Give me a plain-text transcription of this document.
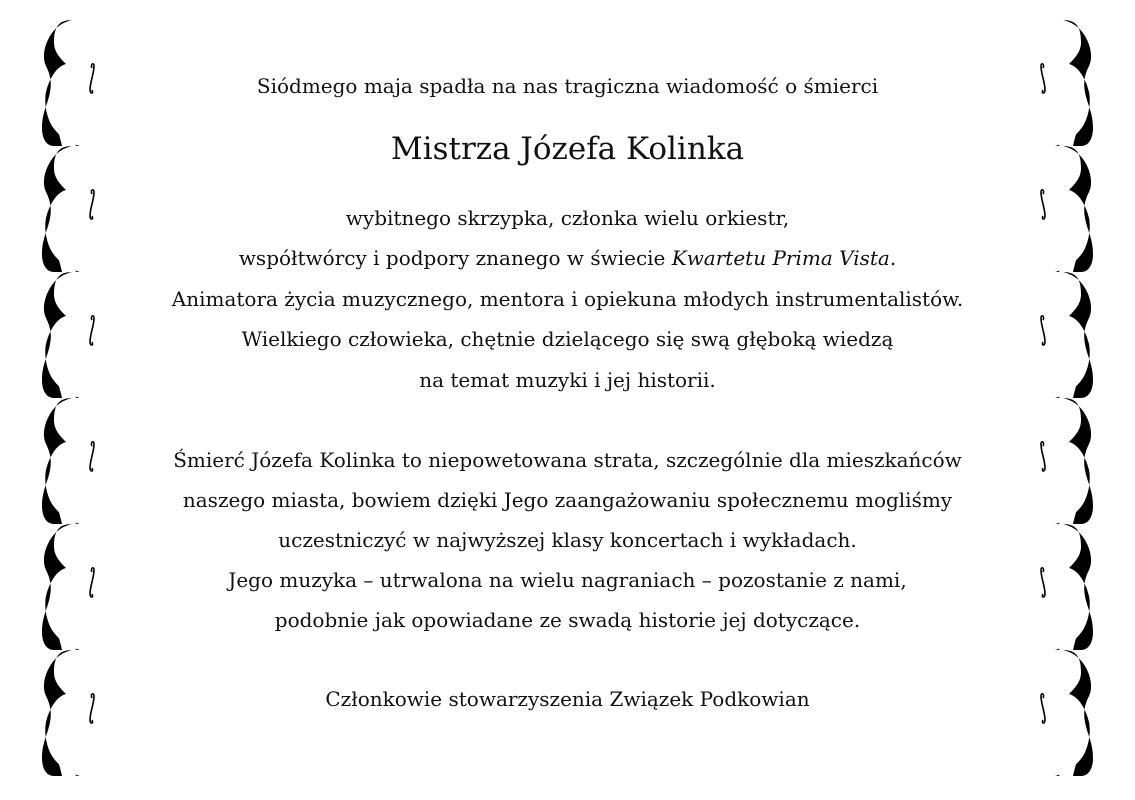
Siódmego maja spadła na nas tragiczna wiadomość o śmierci
Mistrza Józefa Kolinka
wybitnego skrzypka, członka wielu orkiestr,
współtwórcy i podpory znanego w świecie Kwartetu Prima Vista.
Animatora życia muzycznego, mentora i opiekuna młodych instrumentalistów.
Wielkiego człowieka, chętnie dzielącego się swą głęboką wiedzą
na temat muzyki i jej historii.
Śmierć Józefa Kolinka to niepowetowana strata, szczególnie dla mieszkańców
naszego miasta, bowiem dzięki Jego zaangażowaniu społecznemu mogliśmy
uczestniczyć w najwyższej klasy koncertach i wykładach.
Jego muzyka – utrwalona na wielu nagraniach – pozostanie z nami,
podobnie jak opowiadane ze swadą historie jej dotyczące.
Członkowie stowarzyszenia Związek Podkowian
